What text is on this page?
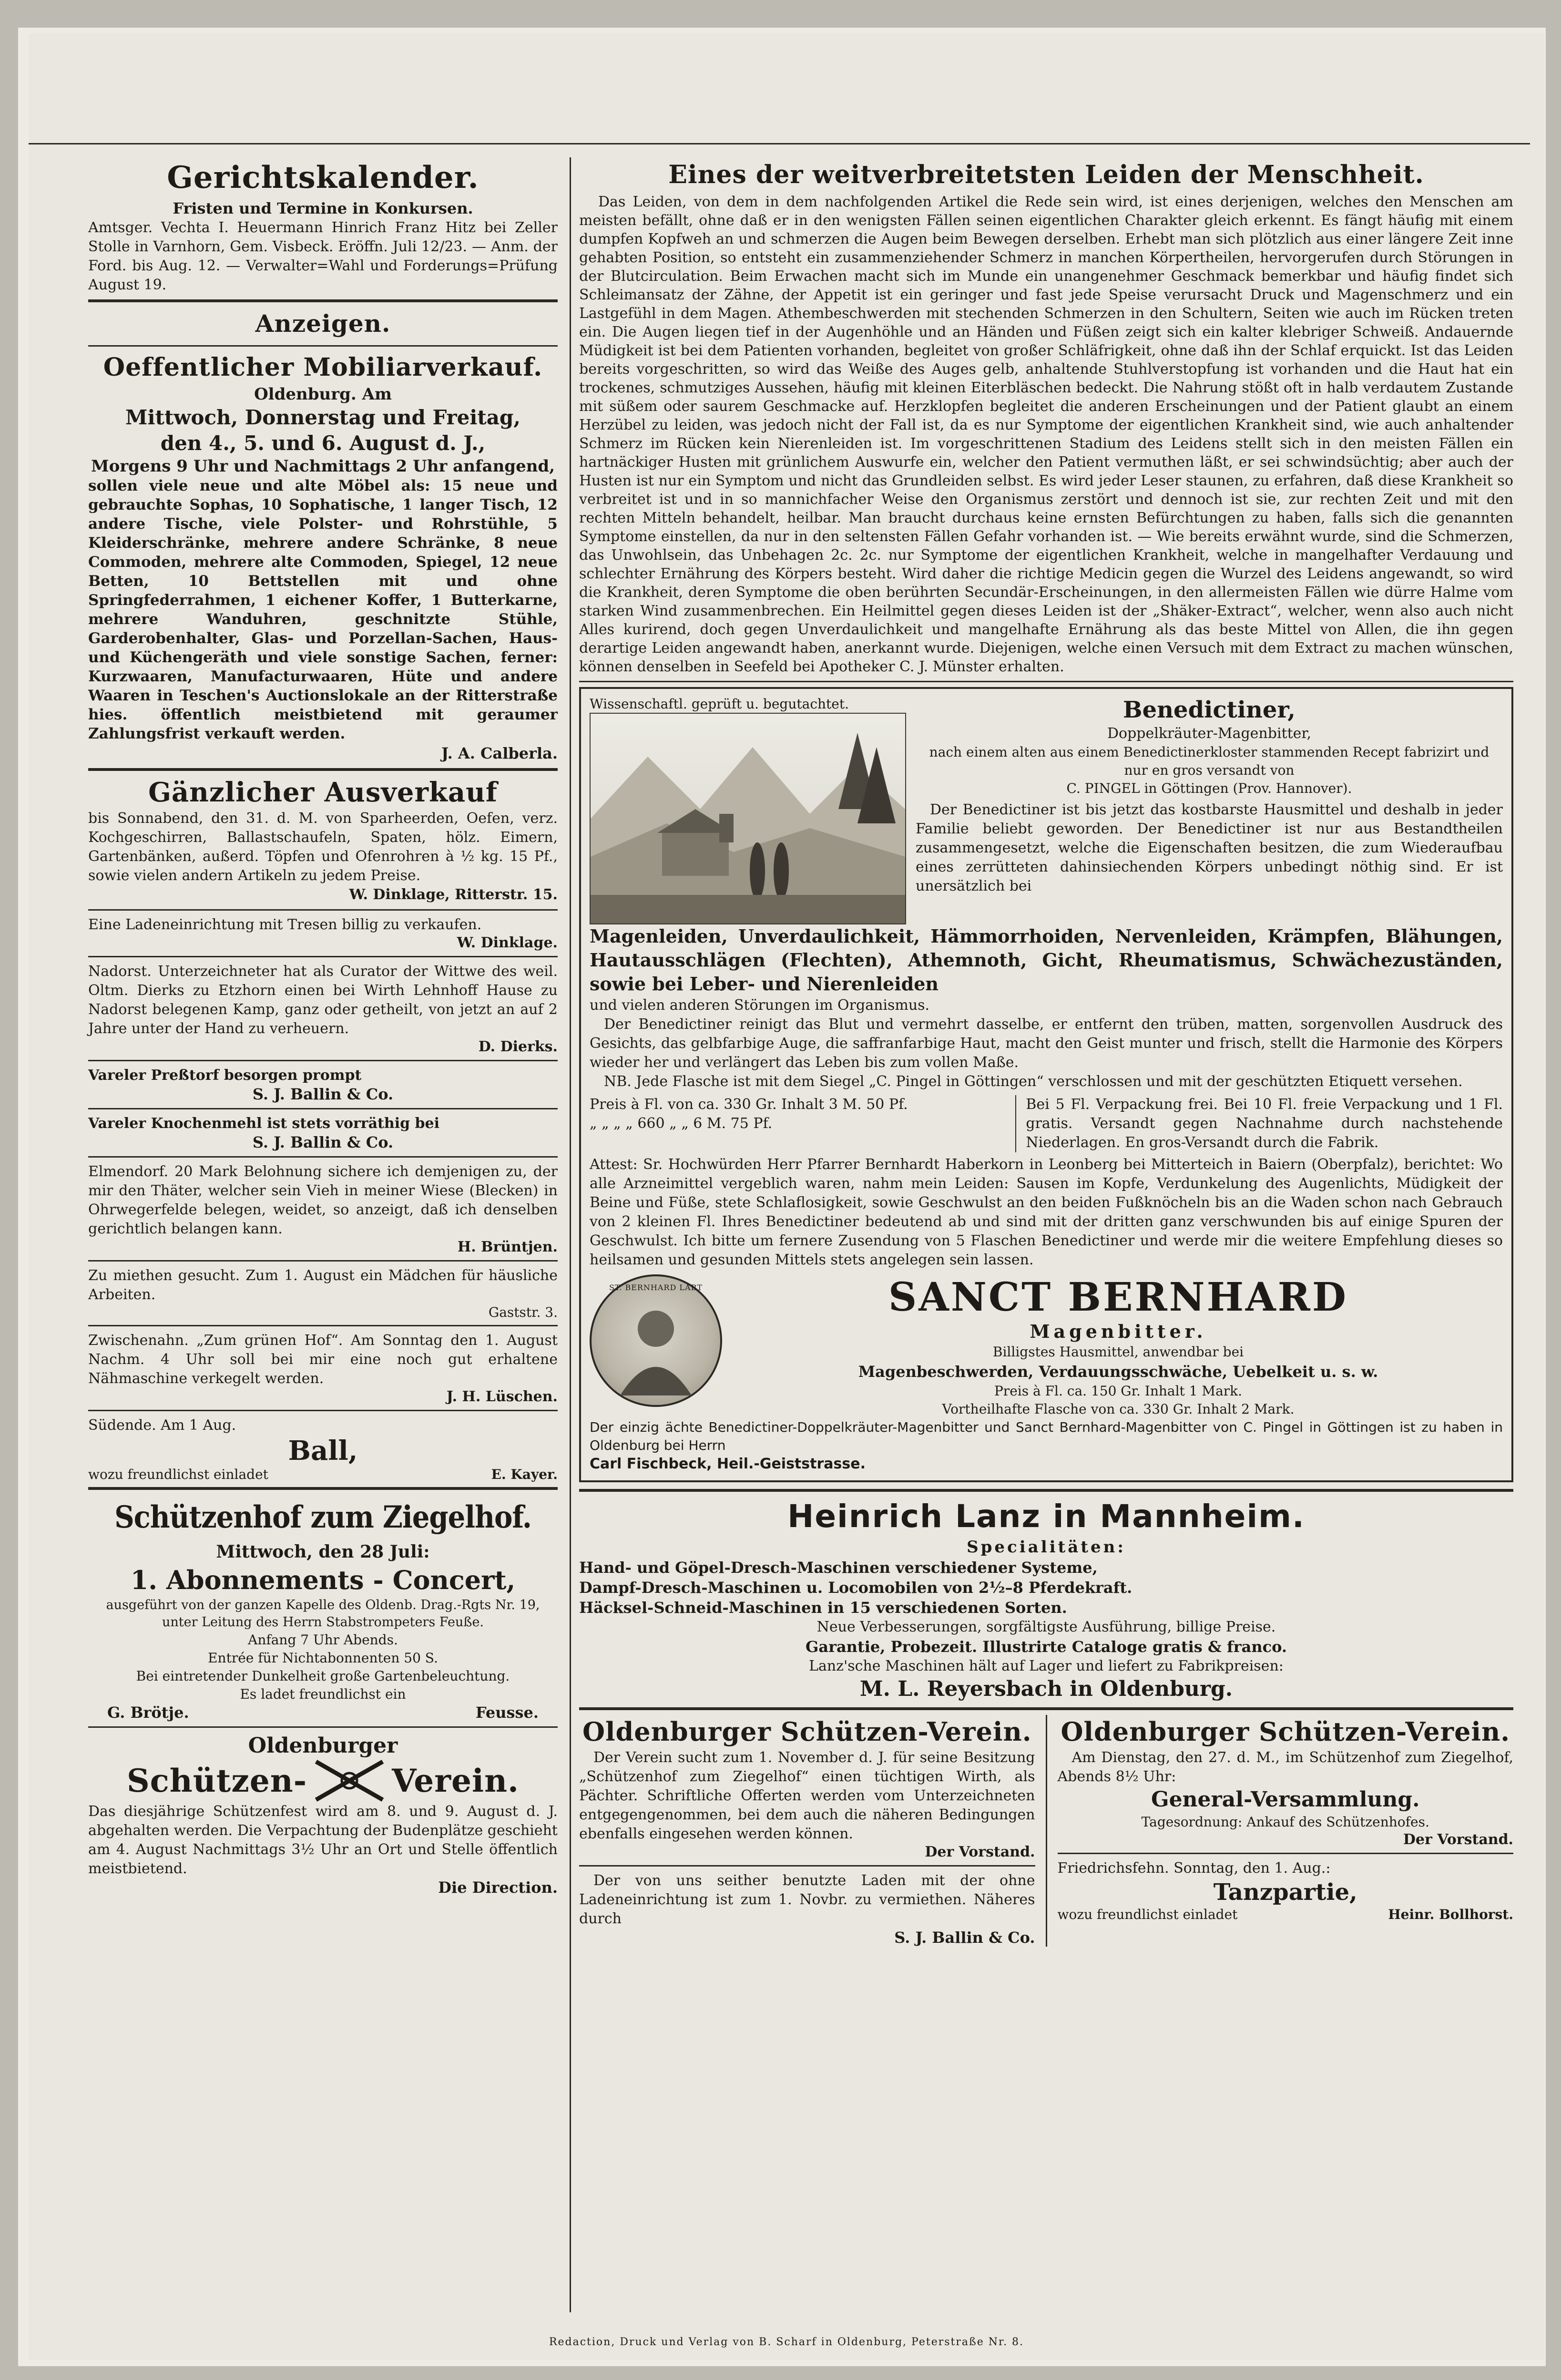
Gerichtskalender.
Fristen und Termine in Konkursen.

Amtsger. Vechta I. Heuermann Hinrich Franz Hitz bei Zeller Stolle in Varnhorn, Gem. Visbeck. Eröffn. Juli 12/23. — Anm. der Ford. bis Aug. 12. — Verwalter=Wahl und Forderungs=Prüfung August 19.

Anzeigen.
Oeffentlicher Mobiliarverkauf.
Oldenburg. Am
Mittwoch, Donnerstag und Freitag,
den 4., 5. und 6. August d. J.,
Morgens 9 Uhr und Nachmittags 2 Uhr anfangend,

sollen viele neue und alte Möbel als: 15 neue und gebrauchte Sophas, 10 Sophatische, 1 langer Tisch, 12 andere Tische, viele Polster- und Rohrstühle, 5 Kleiderschränke, mehrere andere Schränke, 8 neue Commoden, mehrere alte Commoden, Spiegel, 12 neue Betten, 10 Bettstellen mit und ohne Springfederrahmen, 1 eichener Koffer, 1 Butterkarne, mehrere Wanduhren, geschnitzte Stühle, Garderobenhalter, Glas- und Porzellan-Sachen, Haus- und Küchengeräth und viele sonstige Sachen, ferner: Kurzwaaren, Manufacturwaaren, Hüte und andere Waaren in Teschen's Auctionslokale an der Ritterstraße hies. öffentlich meistbietend mit geraumer Zahlungsfrist verkauft werden.

J. A. Calberla.
Gänzlicher Ausverkauf

bis Sonnabend, den 31. d. M. von Sparheerden, Oefen, verz. Kochgeschirren, Ballastschaufeln, Spaten, hölz. Eimern, Gartenbänken, außerd. Töpfen und Ofenrohren à ½ kg. 15 Pf., sowie vielen andern Artikeln zu jedem Preise.

W. Dinklage, Ritterstr. 15.

Eine Ladeneinrichtung mit Tresen billig zu verkaufen.

W. Dinklage.

Nadorst. Unterzeichneter hat als Curator der Wittwe des weil. Oltm. Dierks zu Etzhorn einen bei Wirth Lehnhoff Hause zu Nadorst belegenen Kamp, ganz oder getheilt, von jetzt an auf 2 Jahre unter der Hand zu verheuern.

D. Dierks.

Vareler Preßtorf besorgen prompt

S. J. Ballin & Co.

Vareler Knochenmehl ist stets vorräthig bei

S. J. Ballin & Co.

Elmendorf. 20 Mark Belohnung sichere ich demjenigen zu, der mir den Thäter, welcher sein Vieh in meiner Wiese (Blecken) in Ohrwegerfelde belegen, weidet, so anzeigt, daß ich denselben gerichtlich belangen kann.

H. Brüntjen.

Zu miethen gesucht. Zum 1. August ein Mädchen für häusliche Arbeiten.

Gaststr. 3.

Zwischenahn. „Zum grünen Hof“. Am Sonntag den 1. August Nachm. 4 Uhr soll bei mir eine noch gut erhaltene Nähmaschine verkegelt werden.

J. H. Lüschen.

Südende. Am 1 Aug.

Ball,
wozu freundlichst einladet	E. Kayer.
Schützenhof zum Ziegelhof.
Mittwoch, den 28 Juli:
1. Abonnements - Concert,

ausgeführt von der ganzen Kapelle des Oldenb. Drag.-Rgts Nr. 19, unter Leitung des Herrn Stabstrompeters Feuße.

Anfang 7 Uhr Abends.
Entrée für Nichtabonnenten 50 S.
Bei eintretender Dunkelheit große Gartenbeleuchtung.
Es ladet freundlichst ein
G. Brötje.	Feusse.
Oldenburger
Schützen-	Verein.

Das diesjährige Schützenfest wird am 8. und 9. August d. J. abgehalten werden. Die Verpachtung der Budenplätze geschieht am 4. August Nachmittags 3½ Uhr an Ort und Stelle öffentlich meistbietend.

Die Direction.
Eines der weitverbreitetsten Leiden der Menschheit.

Das Leiden, von dem in dem nachfolgenden Artikel die Rede sein wird, ist eines derjenigen, welches den Menschen am meisten befällt, ohne daß er in den wenigsten Fällen seinen eigentlichen Charakter gleich erkennt. Es fängt häufig mit einem dumpfen Kopfweh an und schmerzen die Augen beim Bewegen derselben. Erhebt man sich plötzlich aus einer längere Zeit inne gehabten Position, so entsteht ein zusammenziehender Schmerz in manchen Körpertheilen, hervorgerufen durch Störungen in der Blutcirculation. Beim Erwachen macht sich im Munde ein unangenehmer Geschmack bemerkbar und häufig findet sich Schleimansatz der Zähne, der Appetit ist ein geringer und fast jede Speise verursacht Druck und Magenschmerz und ein Lastgefühl in dem Magen. Athembeschwerden mit stechenden Schmerzen in den Schultern, Seiten wie auch im Rücken treten ein. Die Augen liegen tief in der Augenhöhle und an Händen und Füßen zeigt sich ein kalter klebriger Schweiß. Andauernde Müdigkeit ist bei dem Patienten vorhanden, begleitet von großer Schläfrigkeit, ohne daß ihn der Schlaf erquickt. Ist das Leiden bereits vorgeschritten, so wird das Weiße des Auges gelb, anhaltende Stuhlverstopfung ist vorhanden und die Haut hat ein trockenes, schmutziges Aussehen, häufig mit kleinen Eiterbläschen bedeckt. Die Nahrung stößt oft in halb verdautem Zustande mit süßem oder saurem Geschmacke auf. Herzklopfen begleitet die anderen Erscheinungen und der Patient glaubt an einem Herzübel zu leiden, was jedoch nicht der Fall ist, da es nur Symptome der eigentlichen Krankheit sind, wie auch anhaltender Schmerz im Rücken kein Nierenleiden ist. Im vorgeschrittenen Stadium des Leidens stellt sich in den meisten Fällen ein hartnäckiger Husten mit grünlichem Auswurfe ein, welcher den Patient vermuthen läßt, er sei schwindsüchtig; aber auch der Husten ist nur ein Symptom und nicht das Grundleiden selbst. Es wird jeder Leser staunen, zu erfahren, daß diese Krankheit so verbreitet ist und in so mannichfacher Weise den Organismus zerstört und dennoch ist sie, zur rechten Zeit und mit den rechten Mitteln behandelt, heilbar. Man braucht durchaus keine ernsten Befürchtungen zu haben, falls sich die genannten Symptome einstellen, da nur in den seltensten Fällen Gefahr vorhanden ist. — Wie bereits erwähnt wurde, sind die Schmerzen, das Unwohlsein, das Unbehagen 2c. 2c. nur Symptome der eigentlichen Krankheit, welche in mangelhafter Verdauung und schlechter Ernährung des Körpers besteht. Wird daher die richtige Medicin gegen die Wurzel des Leidens angewandt, so wird die Krankheit, deren Symptome die oben berührten Secundär-Erscheinungen, in den allermeisten Fällen wie dürre Halme vom starken Wind zusammenbrechen. Ein Heilmittel gegen dieses Leiden ist der „Shäker-Extract“, welcher, wenn also auch nicht Alles kurirend, doch gegen Unverdaulichkeit und mangelhafte Ernährung als das beste Mittel von Allen, die ihn gegen derartige Leiden angewandt haben, anerkannt wurde. Diejenigen, welche einen Versuch mit dem Extract zu machen wünschen, können denselben in Seefeld bei Apotheker C. J. Münster erhalten.

Wissenschaftl. geprüft u. begutachtet.	Benedictiner,
Doppelkräuter-Magenbitter,

nach einem alten aus einem Benedictinerkloster stammenden Recept fabrizirt und nur en gros versandt von

C. PINGEL in Göttingen (Prov. Hannover).

Der Benedictiner ist bis jetzt das kostbarste Hausmittel und deshalb in jeder Familie beliebt geworden. Der Benedictiner ist nur aus Bestandtheilen zusammengesetzt, welche die Eigenschaften besitzen, die zum Wiederaufbau eines zerrütteten dahinsiechenden Körpers unbedingt nöthig sind. Er ist unersätzlich bei

Magenleiden, Unverdaulichkeit, Hämmorrhoiden, Nervenleiden, Krämpfen, Blähungen, Hautausschlägen (Flechten), Athemnoth, Gicht, Rheumatismus, Schwächezuständen, sowie bei Leber- und Nierenleiden

und vielen anderen Störungen im Organismus.

Der Benedictiner reinigt das Blut und vermehrt dasselbe, er entfernt den trüben, matten, sorgenvollen Ausdruck des Gesichts, das gelbfarbige Auge, die saffranfarbige Haut, macht den Geist munter und frisch, stellt die Harmonie des Körpers wieder her und verlängert das Leben bis zum vollen Maße.

NB. Jede Flasche ist mit dem Siegel „C. Pingel in Göttingen“ verschlossen und mit der geschützten Etiquett versehen.

Preis à Fl. von ca. 330 Gr. Inhalt 3 M. 50 Pf.

„ „ „ „ 660 „ „ 6 M. 75 Pf.

Bei 5 Fl. Verpackung frei. Bei 10 Fl. freie Verpackung und 1 Fl. gratis. Versandt gegen Nachnahme durch nachstehende Niederlagen. En gros-Versandt durch die Fabrik.

Attest: Sr. Hochwürden Herr Pfarrer Bernhardt Haberkorn in Leonberg bei Mitterteich in Baiern (Oberpfalz), berichtet: Wo alle Arzneimittel vergeblich waren, nahm mein Leiden: Sausen im Kopfe, Verdunkelung des Augenlichts, Müdigkeit der Beine und Füße, stete Schlaflosigkeit, sowie Geschwulst an den beiden Fußknöcheln bis an die Waden schon nach Gebrauch von 2 kleinen Fl. Ihres Benedictiner bedeutend ab und sind mit der dritten ganz verschwunden bis auf einige Spuren der Geschwulst. Ich bitte um fernere Zusendung von 5 Flaschen Benedictiner und werde mir die weitere Empfehlung dieses so heilsamen und gesunden Mittels stets angelegen sein lassen.

ST. BERNHARD LABT	SANCT BERNHARD
Magenbitter.
Billigstes Hausmittel, anwendbar bei
Magenbeschwerden, Verdauungsschwäche, Uebelkeit u. s. w.
Preis à Fl. ca. 150 Gr. Inhalt 1 Mark.
Vortheilhafte Flasche von ca. 330 Gr. Inhalt 2 Mark.

Der einzig ächte Benedictiner-Doppelkräuter-Magenbitter und Sanct Bernhard-Magenbitter von C. Pingel in Göttingen ist zu haben in Oldenburg bei Herrn

Carl Fischbeck, Heil.-Geiststrasse.

Heinrich Lanz in Mannheim.
Specialitäten:
Hand- und Göpel-Dresch-Maschinen verschiedener Systeme,
Dampf-Dresch-Maschinen u. Locomobilen von 2½–8 Pferdekraft.
Häcksel-Schneid-Maschinen in 15 verschiedenen Sorten.
Neue Verbesserungen, sorgfältigste Ausführung, billige Preise.
Garantie, Probezeit. Illustrirte Cataloge gratis & franco.
Lanz'sche Maschinen hält auf Lager und liefert zu Fabrikpreisen:
M. L. Reyersbach in Oldenburg.
Oldenburger Schützen-Verein.

Der Verein sucht zum 1. November d. J. für seine Besitzung „Schützenhof zum Ziegelhof“ einen tüchtigen Wirth, als Pächter. Schriftliche Offerten werden vom Unterzeichneten entgegengenommen, bei dem auch die näheren Bedingungen ebenfalls eingesehen werden können.

Der Vorstand.

Der von uns seither benutzte Laden mit der ohne Ladeneinrichtung ist zum 1. Novbr. zu vermiethen. Näheres durch

S. J. Ballin & Co.
Oldenburger Schützen-Verein.

Am Dienstag, den 27. d. M., im Schützenhof zum Ziegelhof, Abends 8½ Uhr:

General-Versammlung.
Tagesordnung: Ankauf des Schützenhofes.
Der Vorstand.

Friedrichsfehn. Sonntag, den 1. Aug.:

Tanzpartie,
wozu freundlichst einladet	Heinr. Bollhorst.
Redaction, Druck und Verlag von B. Scharf in Oldenburg, Peterstraße Nr. 8.
